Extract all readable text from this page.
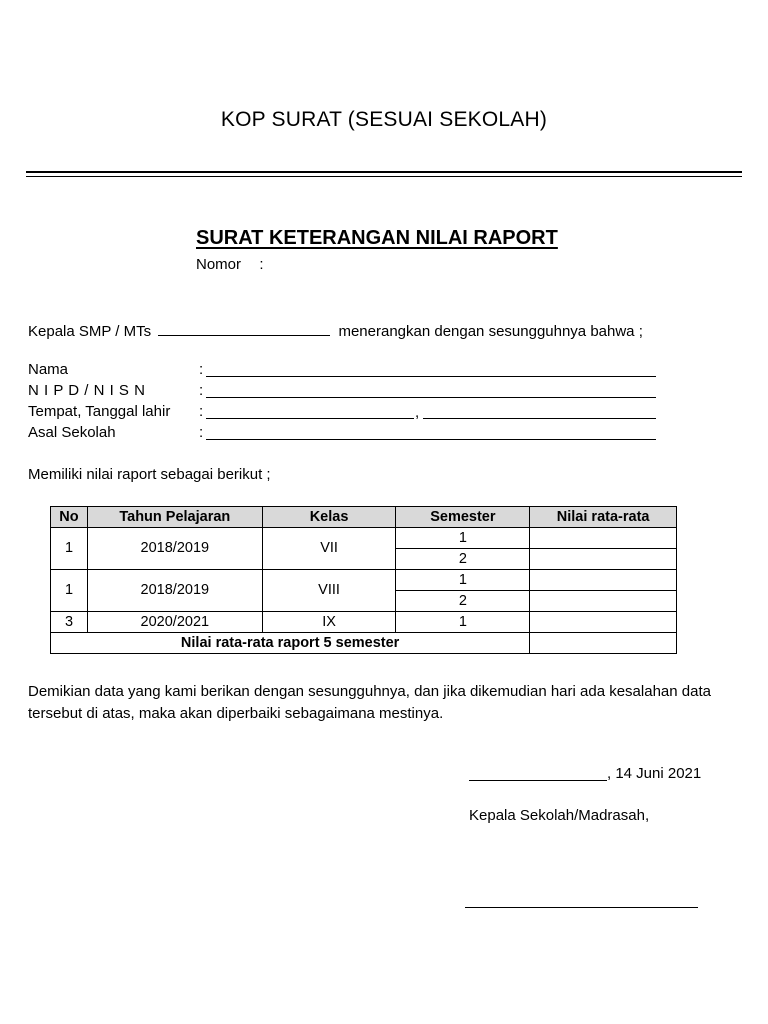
KOP SURAT (SESUAI SEKOLAH)
SURAT KETERANGAN NILAI RAPORT
Nomor :
Kepala SMP / MTs	menerangkan dengan sesungguhnya bahwa ;
Nama	:
N I P D / N I S N	:
Tempat, Tanggal lahir :	,
Asal Sekolah	:
Memiliki nilai raport sebagai berikut ;
No	Tahun Pelajaran	Kelas	Semester	Nilai rata-rata
1	2018/2019	VII	1	
			2	
1	2018/2019	VIII	1	
			2	
3	2020/2021	IX	1	
Nilai rata-rata raport 5 semester				
Demikian data yang kami berikan dengan sesungguhnya, dan jika dikemudian hari ada kesalahan data
tersebut di atas, maka akan diperbaiki sebagaimana mestinya.
, 14 Juni 2021
Kepala Sekolah/Madrasah,
